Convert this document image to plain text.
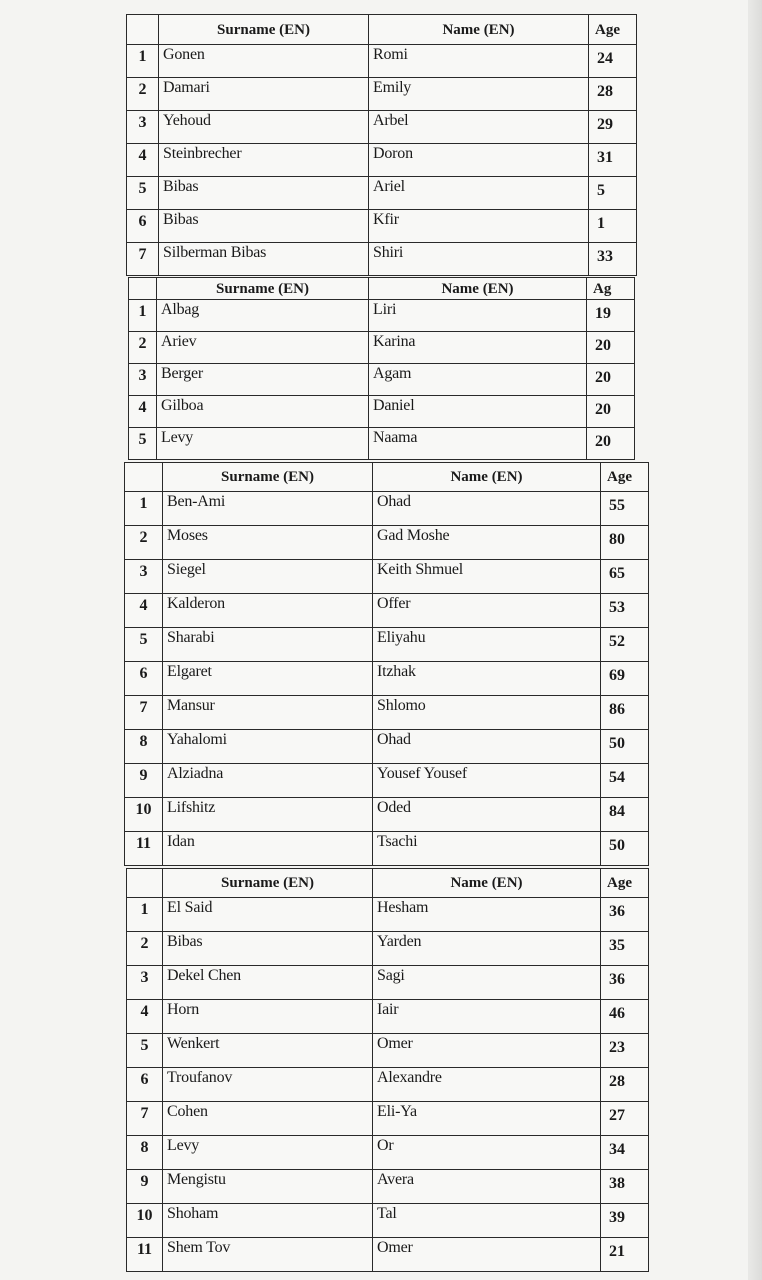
	Surname (EN)	Name (EN)	Age
1	Gonen	Romi	24
2	Damari	Emily	28
3	Yehoud	Arbel	29
4	Steinbrecher	Doron	31
5	Bibas	Ariel	5
6	Bibas	Kfir	1
7	Silberman Bibas	Shiri	33
	Surname (EN)	Name (EN)	Ag
1	Albag	Liri	19
2	Ariev	Karina	20
3	Berger	Agam	20
4	Gilboa	Daniel	20
5	Levy	Naama	20
	Surname (EN)	Name (EN)	Age
1	Ben-Ami	Ohad	55
2	Moses	Gad Moshe	80
3	Siegel	Keith Shmuel	65
4	Kalderon	Offer	53
5	Sharabi	Eliyahu	52
6	Elgaret	Itzhak	69
7	Mansur	Shlomo	86
8	Yahalomi	Ohad	50
9	Alziadna	Yousef Yousef	54
10	Lifshitz	Oded	84
11	Idan	Tsachi	50
	Surname (EN)	Name (EN)	Age
1	El Said	Hesham	36
2	Bibas	Yarden	35
3	Dekel Chen	Sagi	36
4	Horn	Iair	46
5	Wenkert	Omer	23
6	Troufanov	Alexandre	28
7	Cohen	Eli-Ya	27
8	Levy	Or	34
9	Mengistu	Avera	38
10	Shoham	Tal	39
11	Shem Tov	Omer	21
